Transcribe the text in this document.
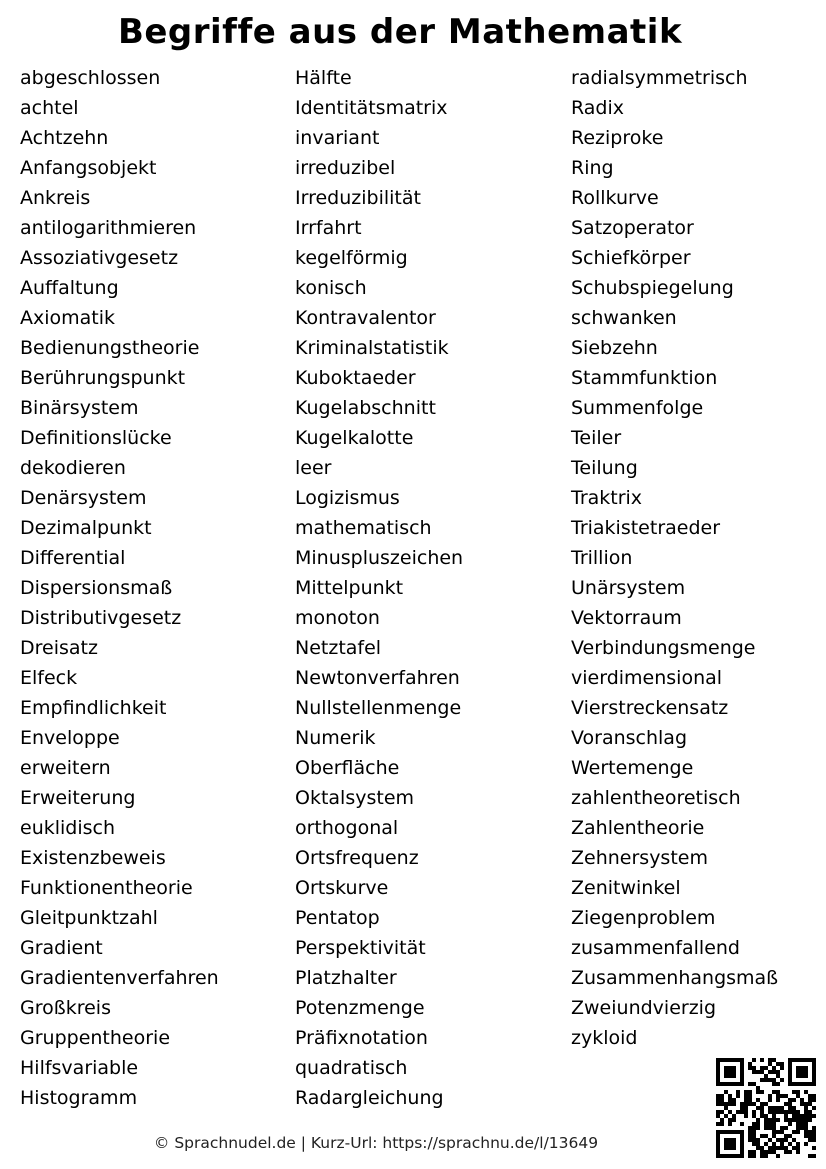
Begriffe aus der Mathematik
abgeschlossen
achtel
Achtzehn
Anfangsobjekt
Ankreis
antilogarithmieren
Assoziativgesetz
Auffaltung
Axiomatik
Bedienungstheorie
Berührungspunkt
Binärsystem
Definitionslücke
dekodieren
Denärsystem
Dezimalpunkt
Differential
Dispersionsmaß
Distributivgesetz
Dreisatz
Elfeck
Empfindlichkeit
Enveloppe
erweitern
Erweiterung
euklidisch
Existenzbeweis
Funktionentheorie
Gleitpunktzahl
Gradient
Gradientenverfahren
Großkreis
Gruppentheorie
Hilfsvariable
Histogramm
Hälfte
Identitätsmatrix
invariant
irreduzibel
Irreduzibilität
Irrfahrt
kegelförmig
konisch
Kontravalentor
Kriminalstatistik
Kuboktaeder
Kugelabschnitt
Kugelkalotte
leer
Logizismus
mathematisch
Minuspluszeichen
Mittelpunkt
monoton
Netztafel
Newtonverfahren
Nullstellenmenge
Numerik
Oberfläche
Oktalsystem
orthogonal
Ortsfrequenz
Ortskurve
Pentatop
Perspektivität
Platzhalter
Potenzmenge
Präfixnotation
quadratisch
Radargleichung
radialsymmetrisch
Radix
Reziproke
Ring
Rollkurve
Satzoperator
Schiefkörper
Schubspiegelung
schwanken
Siebzehn
Stammfunktion
Summenfolge
Teiler
Teilung
Traktrix
Triakistetraeder
Trillion
Unärsystem
Vektorraum
Verbindungsmenge
vierdimensional
Vierstreckensatz
Voranschlag
Wertemenge
zahlentheoretisch
Zahlentheorie
Zehnersystem
Zenitwinkel
Ziegenproblem
zusammenfallend
Zusammenhangsmaß
Zweiundvierzig
zykloid
© Sprachnudel.de | Kurz-Url: https://sprachnu.de/l/13649
